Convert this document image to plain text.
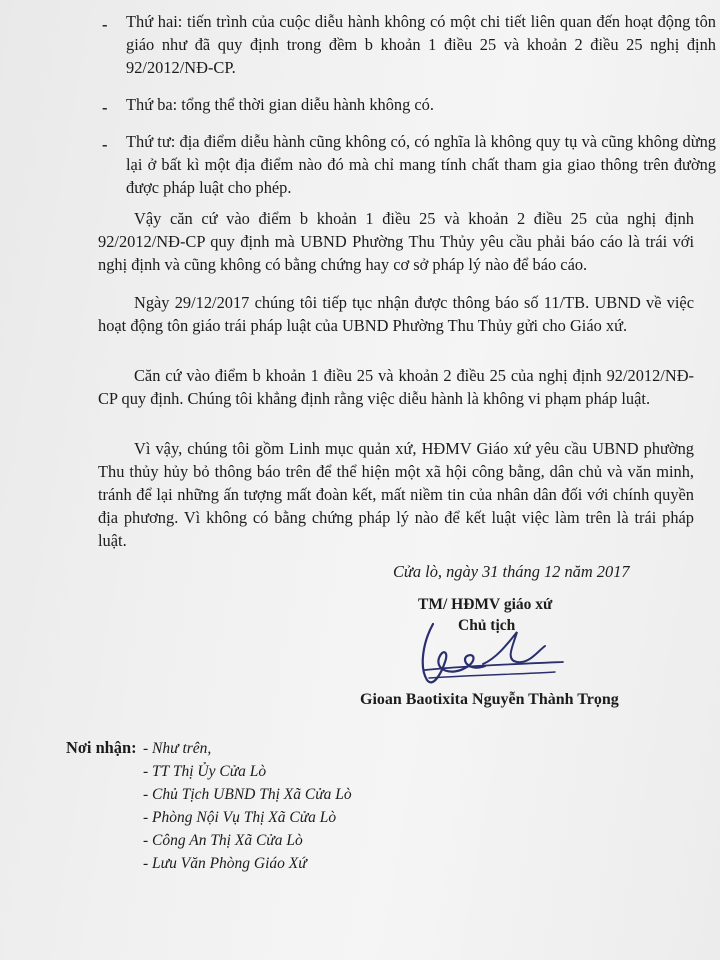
- Thứ hai: tiến trình của cuộc diễu hành không có một chi tiết liên quan đến hoạt động tôn giáo như đã quy định trong đềm b khoản 1 điều 25 và khoản 2 điều 25 nghị định 92/2012/NĐ-CP.
- Thứ ba: tổng thể thời gian diễu hành không có.
- Thứ tư: địa điểm diễu hành cũng không có, có nghĩa là không quy tụ và cũng không dừng lại ở bất kì một địa điểm nào đó mà chỉ mang tính chất tham gia giao thông trên đường được pháp luật cho phép.
Vậy căn cứ vào điểm b khoản 1 điều 25 và khoản 2 điều 25 của nghị định 92/2012/NĐ-CP quy định mà UBND Phường Thu Thủy yêu cầu phải báo cáo là trái với nghị định và cũng không có bằng chứng hay cơ sở pháp lý nào để báo cáo.
Ngày 29/12/2017 chúng tôi tiếp tục nhận được thông báo số 11/TB. UBND về việc hoạt động tôn giáo trái pháp luật của UBND Phường Thu Thủy gửi cho Giáo xứ.
Căn cứ vào điểm b khoản 1 điều 25 và khoản 2 điều 25 của nghị định 92/2012/NĐ-CP quy định. Chúng tôi khẳng định rằng việc diễu hành là không vi phạm pháp luật.
Vì vậy, chúng tôi gồm Linh mục quản xứ, HĐMV Giáo xứ yêu cầu UBND phường Thu thủy hủy bỏ thông báo trên để thể hiện một xã hội công bằng, dân chủ và văn minh, tránh để lại những ấn tượng mất đoàn kết, mất niềm tin của nhân dân đối với chính quyền địa phương. Vì không có bằng chứng pháp lý nào để kết luật việc làm trên là trái pháp luật.
Cửa lò, ngày 31 tháng 12 năm 2017
TM/ HĐMV giáo xứ
Chủ tịch
Gioan Baotixita Nguyễn Thành Trọng
Nơi nhận: - Như trên,
- TT Thị Ủy Cửa Lò
- Chủ Tịch UBND Thị Xã Cửa Lò
- Phòng Nội Vụ Thị Xã Cửa Lò
- Công An Thị Xã Cửa Lò
- Lưu Văn Phòng Giáo Xứ
